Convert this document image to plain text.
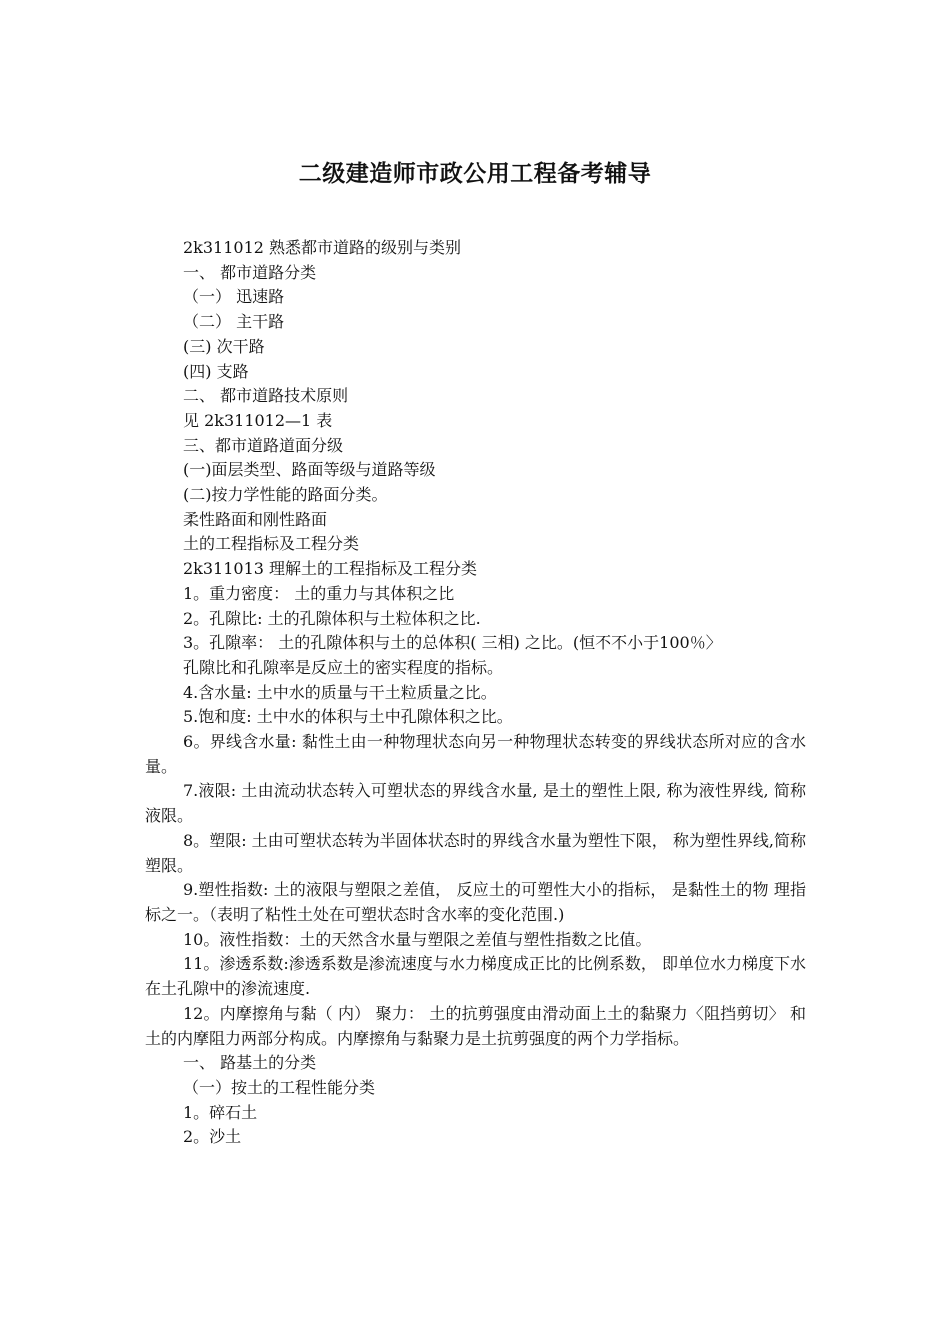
二级建造师市政公用工程备考辅导

2k311012 熟悉都市道路的级别与类别

一、 都市道路分类

（一） 迅速路

（二） 主干路

(三) 次干路

(四) 支路

二、 都市道路技术原则

见 2k311012—1 表

三、都市道路道面分级

(一)面层类型、路面等级与道路等级

(二)按力学性能的路面分类。

柔性路面和刚性路面

土的工程指标及工程分类

2k311013 理解土的工程指标及工程分类

1。重力密度： 土的重力与其体积之比

2。孔隙比: 土的孔隙体积与土粒体积之比.

3。孔隙率： 土的孔隙体积与土的总体积( 三相) 之比。(恒不不小于100％〉

孔隙比和孔隙率是反应土的密实程度的指标。

4.含水量: 土中水的质量与干土粒质量之比。

5.饱和度: 土中水的体积与土中孔隙体积之比。

6。界线含水量: 黏性土由一种物理状态向另一种物理状态转变的界线状态所对应的含水量。

7.液限: 土由流动状态转入可塑状态的界线含水量, 是土的塑性上限, 称为液性界线, 简称液限。

8。塑限: 土由可塑状态转为半固体状态时的界线含水量为塑性下限， 称为塑性界线,简称塑限。

9.塑性指数: 土的液限与塑限之差值， 反应土的可塑性大小的指标， 是黏性土的物 理指标之一。（表明了粘性土处在可塑状态时含水率的变化范围.)

10。液性指数：土的天然含水量与塑限之差值与塑性指数之比值。

11。渗透系数:渗透系数是渗流速度与水力梯度成正比的比例系数， 即单位水力梯度下水在土孔隙中的渗流速度.

12。内摩擦角与黏（ 内） 聚力： 土的抗剪强度由滑动面上土的黏聚力〈阻挡剪切〉 和土的内摩阻力两部分构成。内摩擦角与黏聚力是土抗剪强度的两个力学指标。

一、 路基土的分类

（一）按土的工程性能分类

1。碎石土

2。沙土
